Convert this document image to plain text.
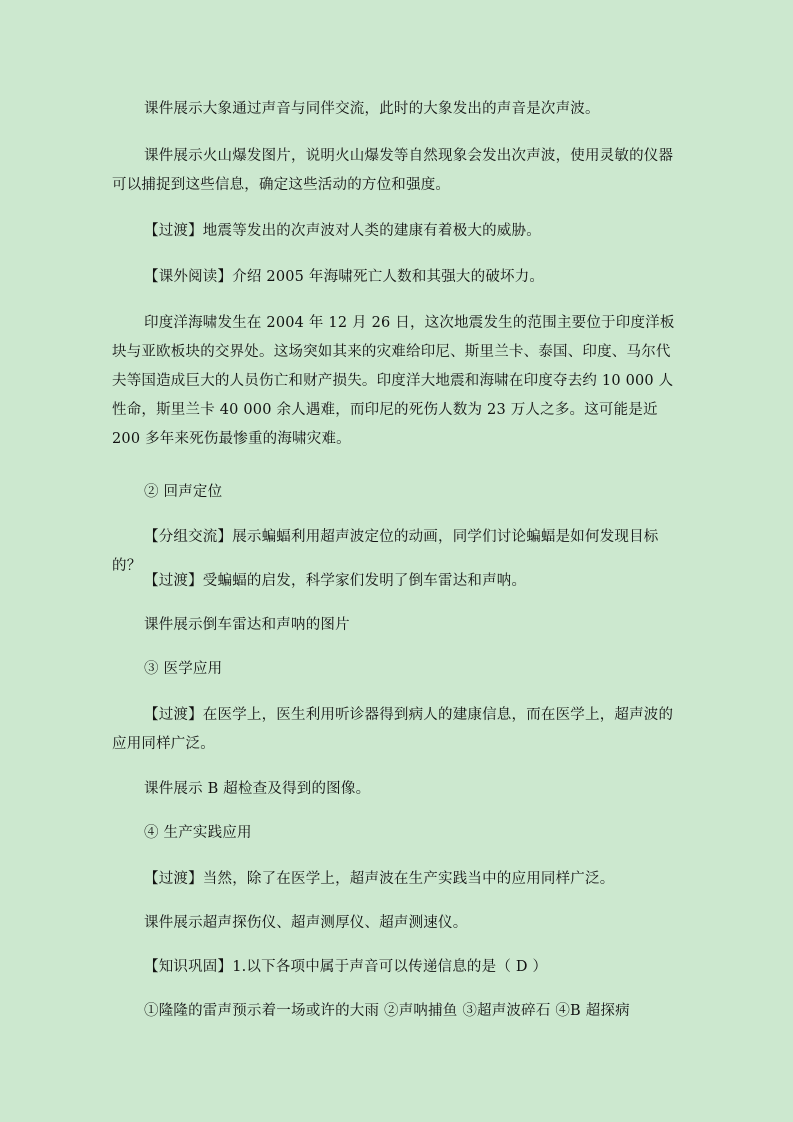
课件展示大象通过声音与同伴交流，此时的大象发出的声音是次声波。

课件展示火山爆发图片，说明火山爆发等自然现象会发出次声波，使用灵敏的仪器可以捕捉到这些信息，确定这些活动的方位和强度。

【过渡】地震等发出的次声波对人类的建康有着极大的威胁。

【课外阅读】介绍 2005 年海啸死亡人数和其强大的破坏力。

印度洋海啸发生在 2004 年 12 月 26 日，这次地震发生的范围主要位于印度洋板块与亚欧板块的交界处。这场突如其来的灾难给印尼、斯里兰卡、泰国、印度、马尔代夫等国造成巨大的人员伤亡和财产损失。印度洋大地震和海啸在印度夺去约 10 000 人性命，斯里兰卡 40 000 余人遇难，而印尼的死伤人数为 23 万人之多。这可能是近 200 多年来死伤最惨重的海啸灾难。

② 回声定位

【分组交流】展示蝙蝠利用超声波定位的动画，同学们讨论蝙蝠是如何发现目标的？

【过渡】受蝙蝠的启发，科学家们发明了倒车雷达和声呐。

课件展示倒车雷达和声呐的图片

③ 医学应用

【过渡】在医学上，医生利用听诊器得到病人的建康信息，而在医学上，超声波的应用同样广泛。

课件展示 B 超检查及得到的图像。

④ 生产实践应用

【过渡】当然，除了在医学上，超声波在生产实践当中的应用同样广泛。

课件展示超声探伤仪、超声测厚仪、超声测速仪。

【知识巩固】1.以下各项中属于声音可以传递信息的是（ D ）

①隆隆的雷声预示着一场或许的大雨 ②声呐捕鱼 ③超声波碎石 ④B 超探病
